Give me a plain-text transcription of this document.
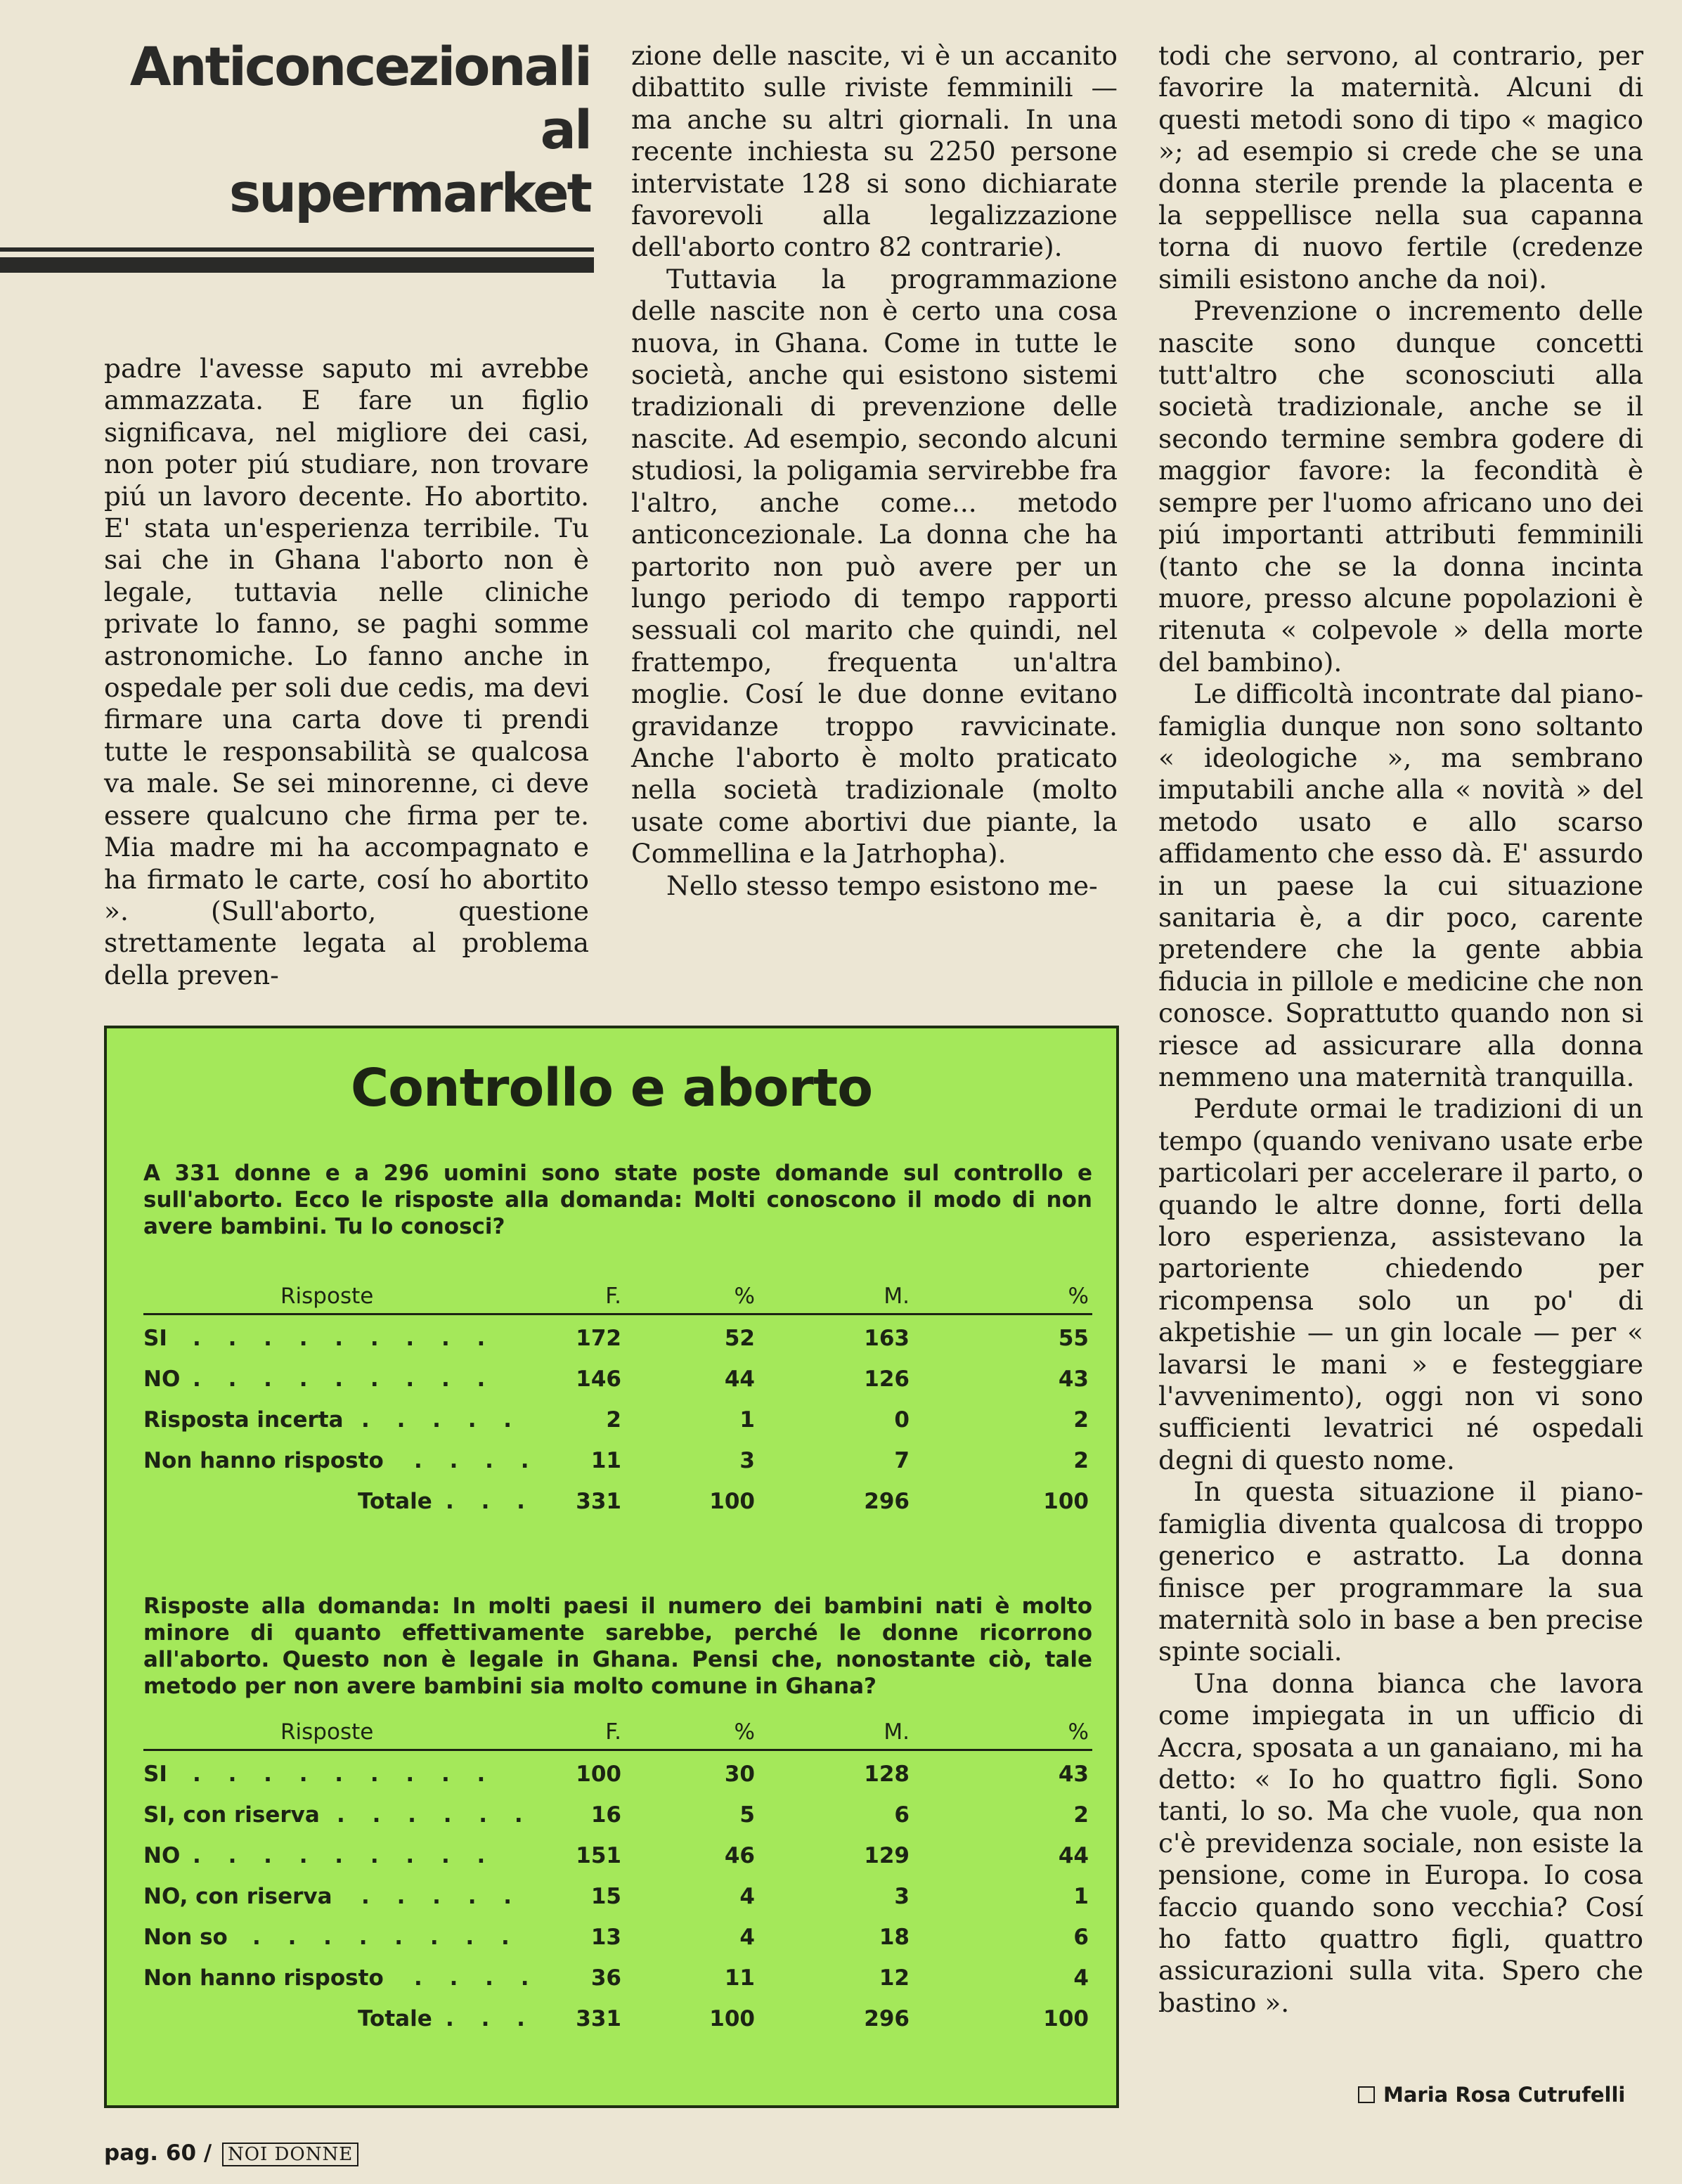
Anticoncezionali
al
supermarket

padre l'avesse saputo mi avrebbe ammazzata. E fare un figlio significava, nel migliore dei casi, non poter piú studiare, non trovare piú un lavoro decente. Ho abortito. E' stata un'esperienza terribile. Tu sai che in Ghana l'aborto non è legale, tuttavia nelle cliniche private lo fanno, se paghi somme astronomiche. Lo fanno anche in ospedale per soli due cedis, ma devi firmare una carta dove ti prendi tutte le responsabilità se qualcosa va male. Se sei minorenne, ci deve essere qualcuno che firma per te. Mia madre mi ha accompagnato e ha firmato le carte, cosí ho abortito ». (Sull'aborto, questione strettamente legata al problema della preven-

zione delle nascite, vi è un accanito dibattito sulle riviste femminili — ma anche su altri giornali. In una recente inchiesta su 2250 persone intervistate 128 si sono dichiarate favorevoli alla legalizzazione dell'aborto contro 82 contrarie).

Tuttavia la programmazione delle nascite non è certo una cosa nuova, in Ghana. Come in tutte le società, anche qui esistono sistemi tradizionali di prevenzione delle nascite. Ad esempio, secondo alcuni studiosi, la poligamia servirebbe fra l'altro, anche come... metodo anticoncezionale. La donna che ha partorito non può avere per un lungo periodo di tempo rapporti sessuali col marito che quindi, nel frattempo, frequenta un'altra moglie. Cosí le due donne evitano gravidanze troppo ravvicinate. Anche l'aborto è molto praticato nella società tradizionale (molto usate come abortivi due piante, la Commellina e la Jatrhopha).

Nello stesso tempo esistono me-

todi che servono, al contrario, per favorire la maternità. Alcuni di questi metodi sono di tipo « magico »; ad esempio si crede che se una donna sterile prende la placenta e la seppellisce nella sua capanna torna di nuovo fertile (credenze simili esistono anche da noi).

Prevenzione o incremento delle nascite sono dunque concetti tutt'altro che sconosciuti alla società tradizionale, anche se il secondo termine sembra godere di maggior favore: la fecondità è sempre per l'uomo africano uno dei piú importanti attributi femminili (tanto che se la donna incinta muore, presso alcune popolazioni è ritenuta « colpevole » della morte del bambino).

Le difficoltà incontrate dal piano-famiglia dunque non sono soltanto « ideologiche », ma sembrano imputabili anche alla « novità » del metodo usato e allo scarso affidamento che esso dà. E' assurdo in un paese la cui situazione sanitaria è, a dir poco, carente pretendere che la gente abbia fiducia in pillole e medicine che non conosce. Soprattutto quando non si riesce ad assicurare alla donna nemmeno una maternità tranquilla.

Perdute ormai le tradizioni di un tempo (quando venivano usate erbe particolari per accelerare il parto, o quando le altre donne, forti della loro esperienza, assistevano la partoriente chiedendo per ricompensa solo un po' di akpetishie — un gin locale — per « lavarsi le mani » e festeggiare l'avvenimento), oggi non vi sono sufficienti levatrici né ospedali degni di questo nome.

In questa situazione il piano-famiglia diventa qualcosa di troppo generico e astratto. La donna finisce per programmare la sua maternità solo in base a ben precise spinte sociali.

Una donna bianca che lavora come impiegata in un ufficio di Accra, sposata a un ganaiano, mi ha detto: « Io ho quattro figli. Sono tanti, lo so. Ma che vuole, qua non c'è previdenza sociale, non esiste la pensione, come in Europa. Io cosa faccio quando sono vecchia? Cosí ho fatto quattro figli, quattro assicurazioni sulla vita. Spero che bastino ».

Maria Rosa Cutrufelli
Controllo e aborto
A 331 donne e a 296 uomini sono state poste domande sul controllo e sull'aborto. Ecco le risposte alla domanda: Molti conoscono il modo di non avere bambini. Tu lo conosci?
Risposte	F.	%	M.	%
SI . . . . . . . . .	172	52	163	55
NO . . . . . . . . .	146	44	126	43
Risposta incerta . . . . .	2	1	0	2
Non hanno risposto . . . .	11	3	7	2
Totale . . .	331	100	296	100
Risposte alla domanda: In molti paesi il numero dei bambini nati è molto minore di quanto effettivamente sarebbe, perché le donne ricorrono all'aborto. Questo non è legale in Ghana. Pensi che, nonostante ciò, tale metodo per non avere bambini sia molto comune in Ghana?
Risposte	F.	%	M.	%
SI . . . . . . . . .	100	30	128	43
SI, con riserva . . . . . .	16	5	6	2
NO . . . . . . . . .	151	46	129	44
NO, con riserva . . . . .	15	4	3	1
Non so . . . . . . . .	13	4	18	6
Non hanno risposto . . . .	36	11	12	4
Totale . . .	331	100	296	100
pag. 60 / NOI DONNE
